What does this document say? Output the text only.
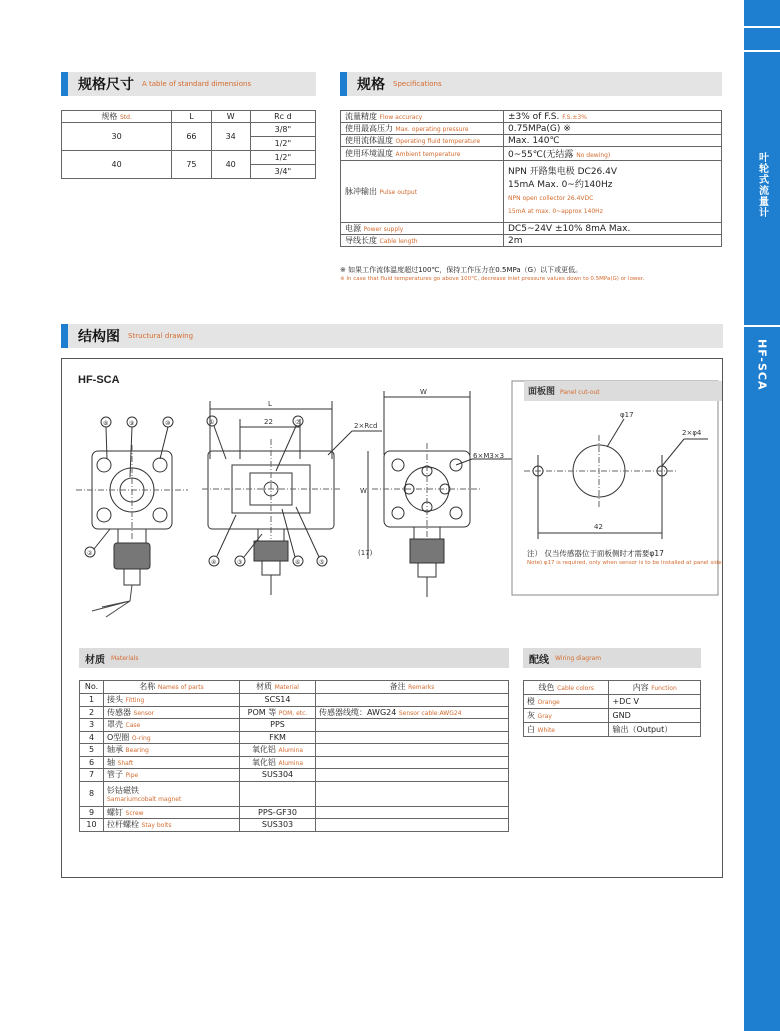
叶轮式流量计
HF-SCA
规格尺寸 A table of standard dimensions
规格 Std.	L	W	Rc d
30	66	34	3/8"
			1/2"
40	75	40	1/2"
			3/4"
规格 Specifications
流量精度 Flow accuracy	±3% of F.S. F.S.±3%
使用最高压力 Max. operating pressure	0.75MPa(G) ※
使用流体温度 Operating fluid temperature	Max. 140℃
使用环境温度 Ambient temperature	0~55℃(无结露 No dewing)
脉冲输出 Pulse output	NPN 开路集电极 DC26.4V
15mA Max. 0~约140Hz
NPN open collector 26.4VDC
15mA at max. 0~approx 140Hz

电源 Power supply	DC5~24V ±10% 8mA Max.
导线长度 Cable length	2m
※ 如果工作流体温度超过100℃，保持工作压力在0.5MPa（G）以下或更低。
※ In case that fluid temperatures go above 100℃, decrease inlet pressure values down to 0.5MPa(G) or lower.
结构图 Structural drawing
HF-SCA
L
22
W
2×Rcd
6×M3×3
W
(17)
⑧	⑨	⑩
②
①	⑦
④	③	⑥	⑤
面板图 Panel cut-out
φ17
2×φ4
42
注） 仅当传感器位于面板侧时才需要φ17
Note) φ17 is required, only when sensor is to be installed at panel side.
材质 Materials
No.	名称 Names of parts	材质 Material	备注 Remarks
1	接头 Fitting	SCS14	
2	传感器 Sensor	POM 等 POM, etc.	传感器线缆：AWG24 Sensor cable:AWG24
3	罩壳 Case	PPS	
4	O型圈 O-ring	FKM	
5	轴承 Bearing	氧化铝 Alumina	
6	轴 Shaft	氧化铝 Alumina	
7	管子 Pipe	SUS304	
8	钐钴磁铁
Samariumcobalt magnet		

9	螺钉 Screw	PPS-GF30	
10	拉杆螺栓 Stay bolts	SUS303	
配线 Wiring diagram
线色 Cable colors	内容 Function
橙 Orange	+DC V
灰 Gray	GND
白 White	输出（Output）
